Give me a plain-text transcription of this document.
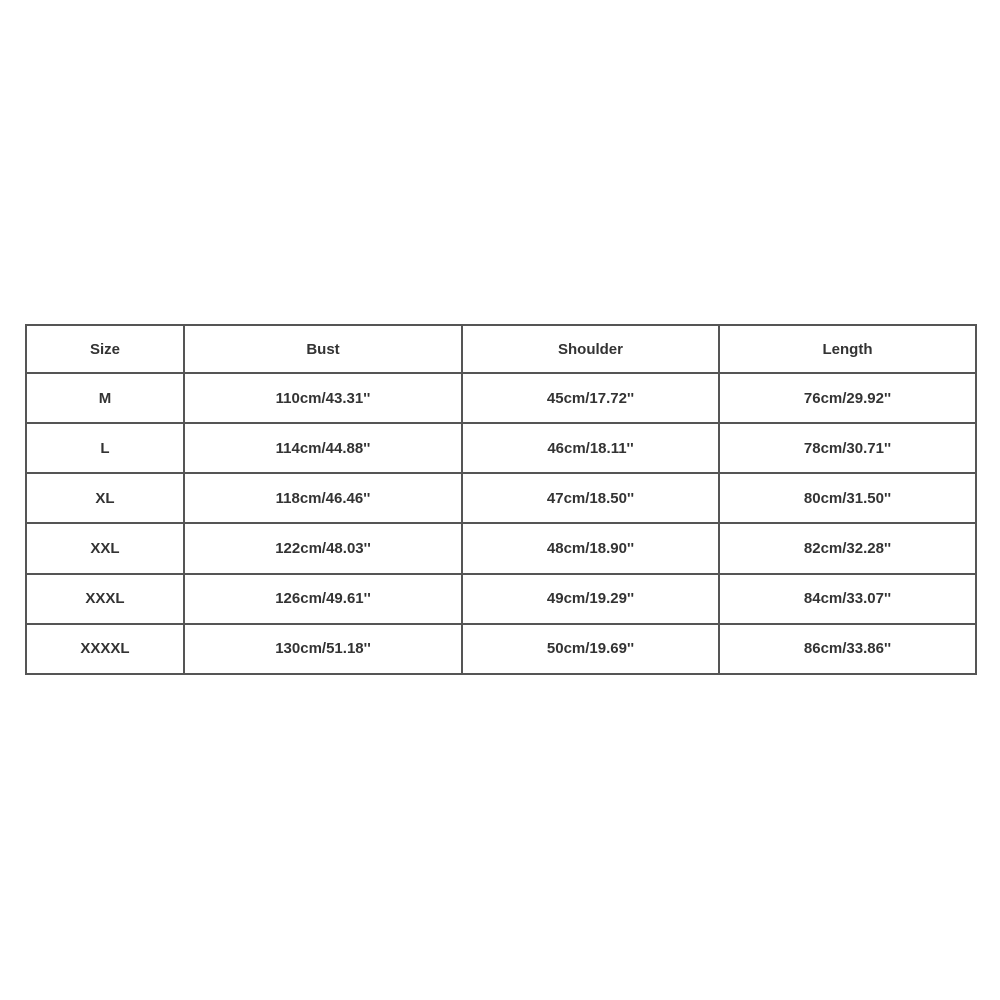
Size	Bust	Shoulder	Length
M	110cm/43.31''	45cm/17.72''	76cm/29.92''
L	114cm/44.88''	46cm/18.11''	78cm/30.71''
XL	118cm/46.46''	47cm/18.50''	80cm/31.50''
XXL	122cm/48.03''	48cm/18.90''	82cm/32.28''
XXXL	126cm/49.61''	49cm/19.29''	84cm/33.07''
XXXXL	130cm/51.18''	50cm/19.69''	86cm/33.86''
